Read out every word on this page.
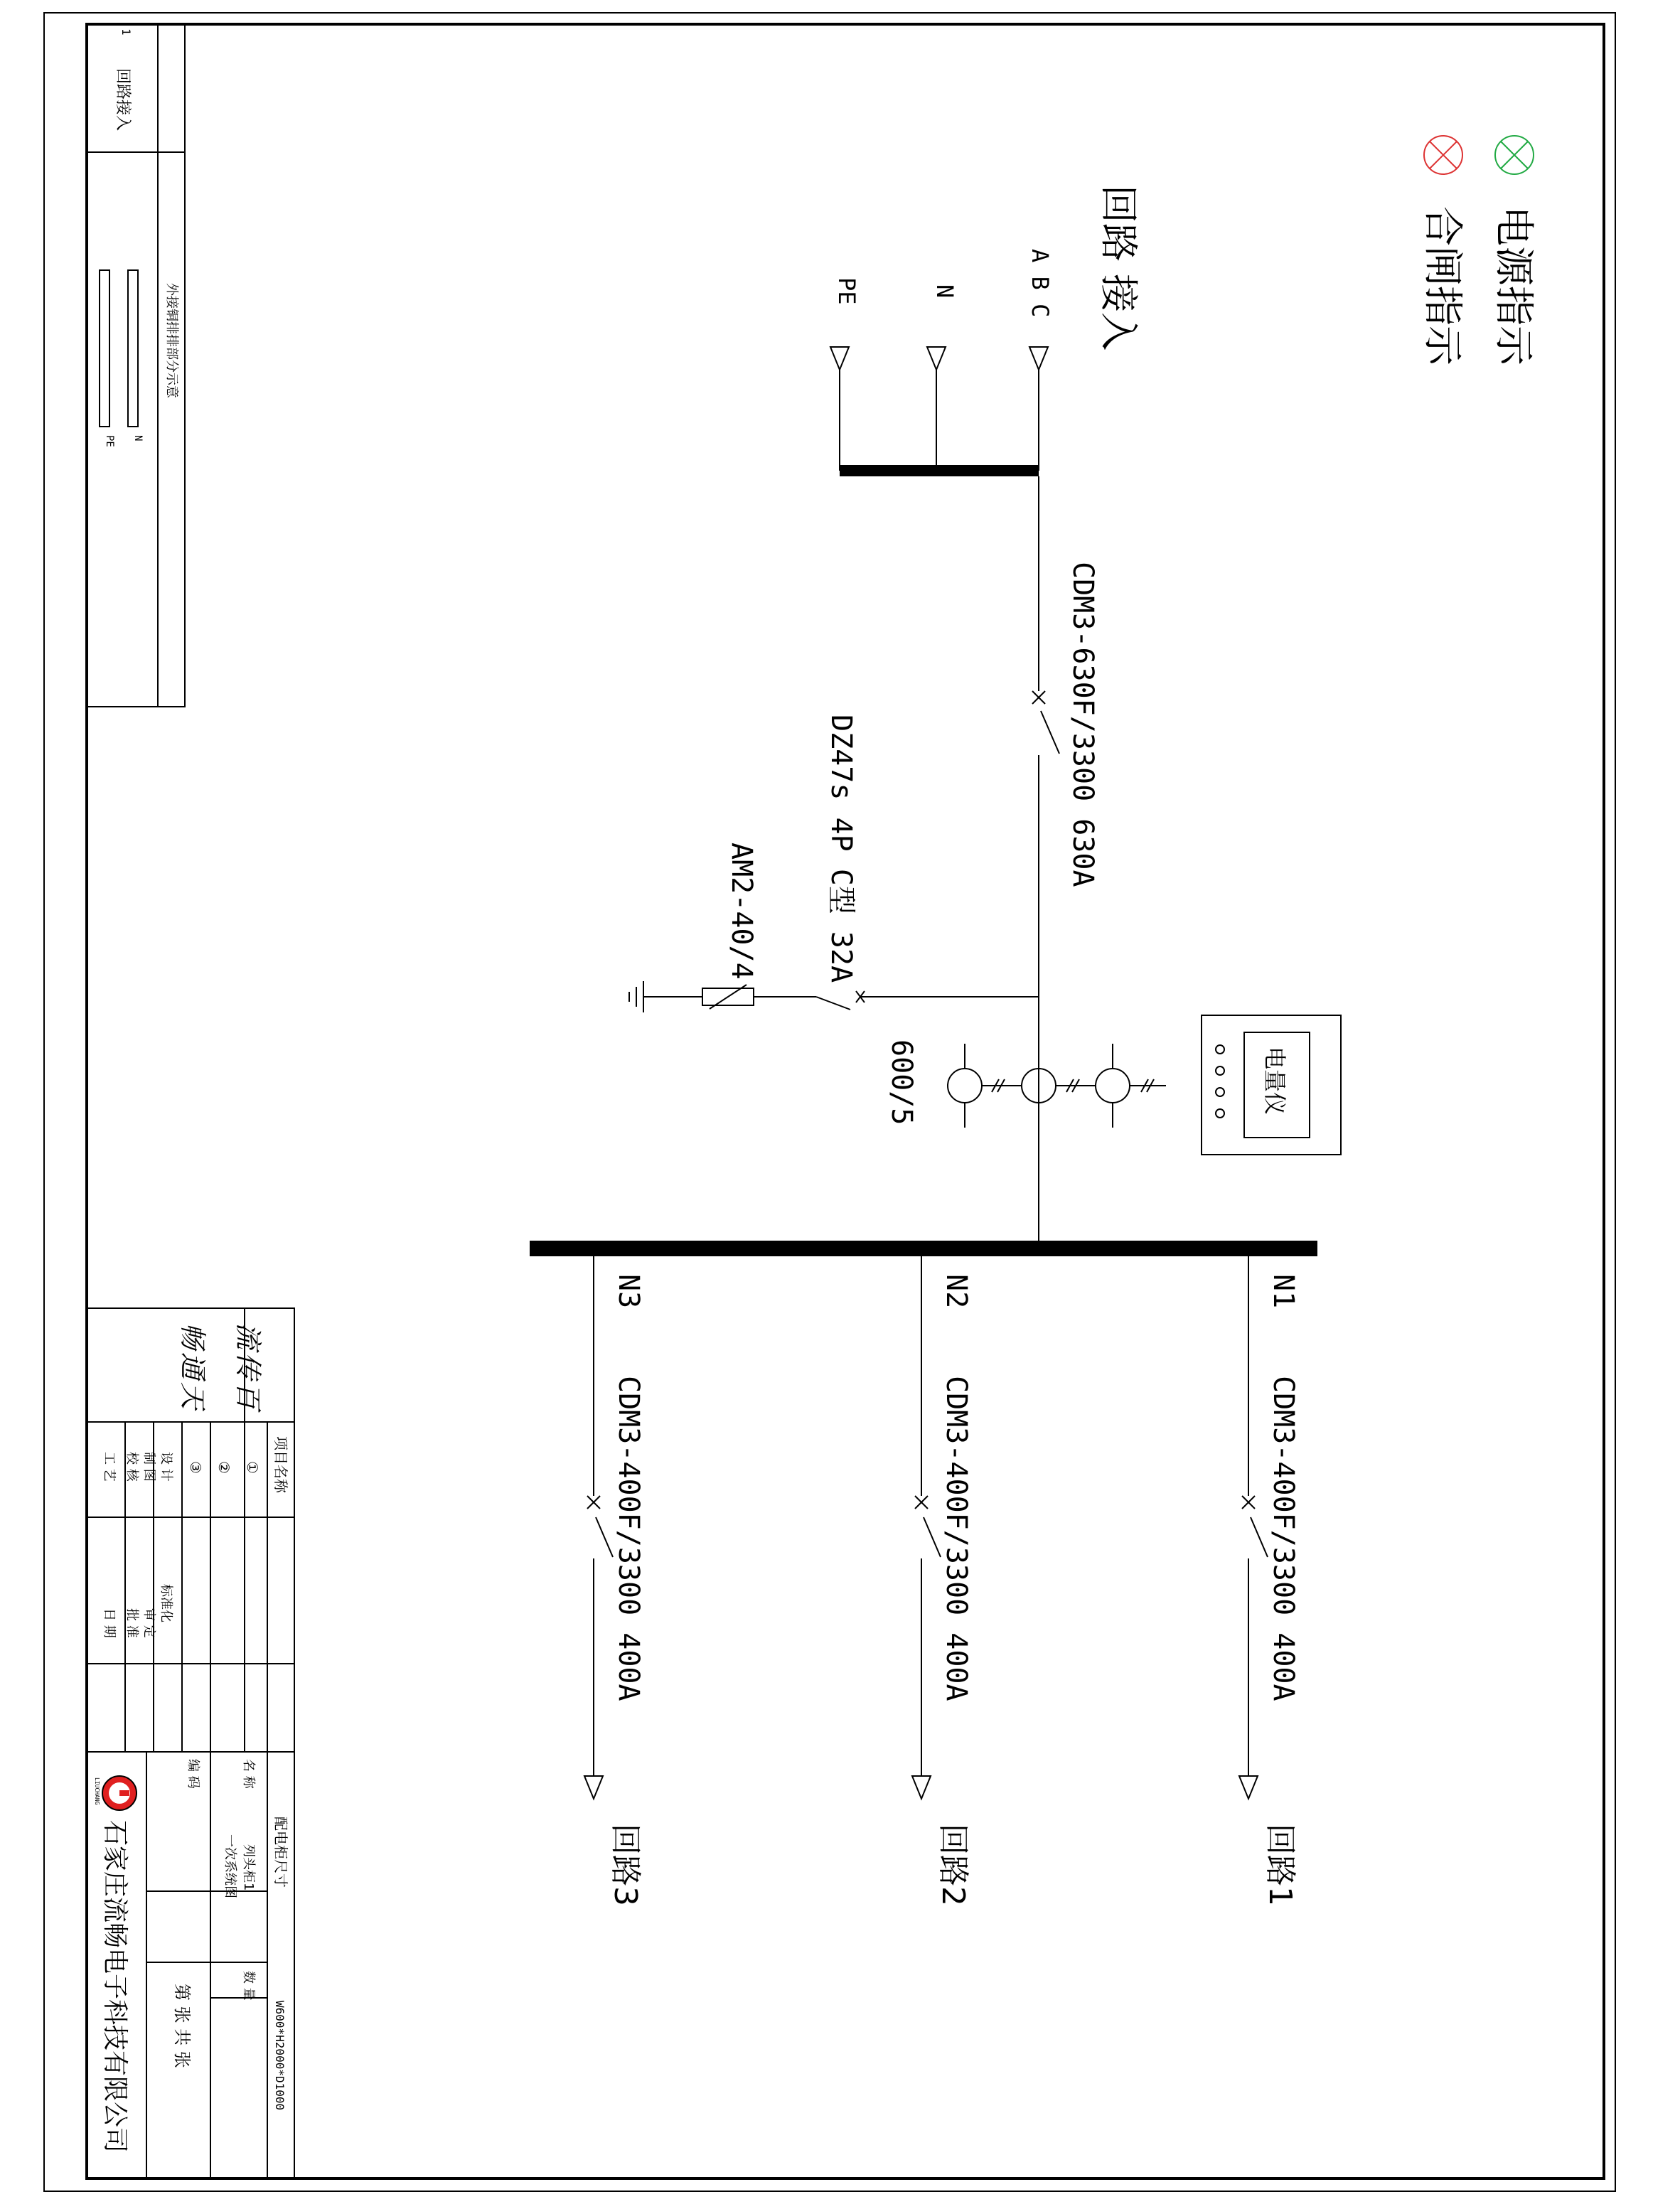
电源指示
合闸指示
回路 接入
A B C
N
PE
CDM3-630F/3300 630A
DZ47s 4P C型 32A
AM2-40/4
600/5	电量仪
N1
CDM3-400F/3300 400A
回路1
N2
CDM3-400F/3300 400A
回路2
N3
CDM3-400F/3300 400A
回路3
1
回路接入
外接铜排排部分示意
N
PE
流
传
百
畅
通
天
项目名称
①
②
③
设 计
制 图
校 核
工 艺
标准化
审 定
批 准
日 期
配电柜尺寸
W600*H2000*D1000
名 称
列头柜1
一次系统图
数 量
编 码
第 张 共 张
LIUCHANG
石家庄流畅电子科技有限公司
